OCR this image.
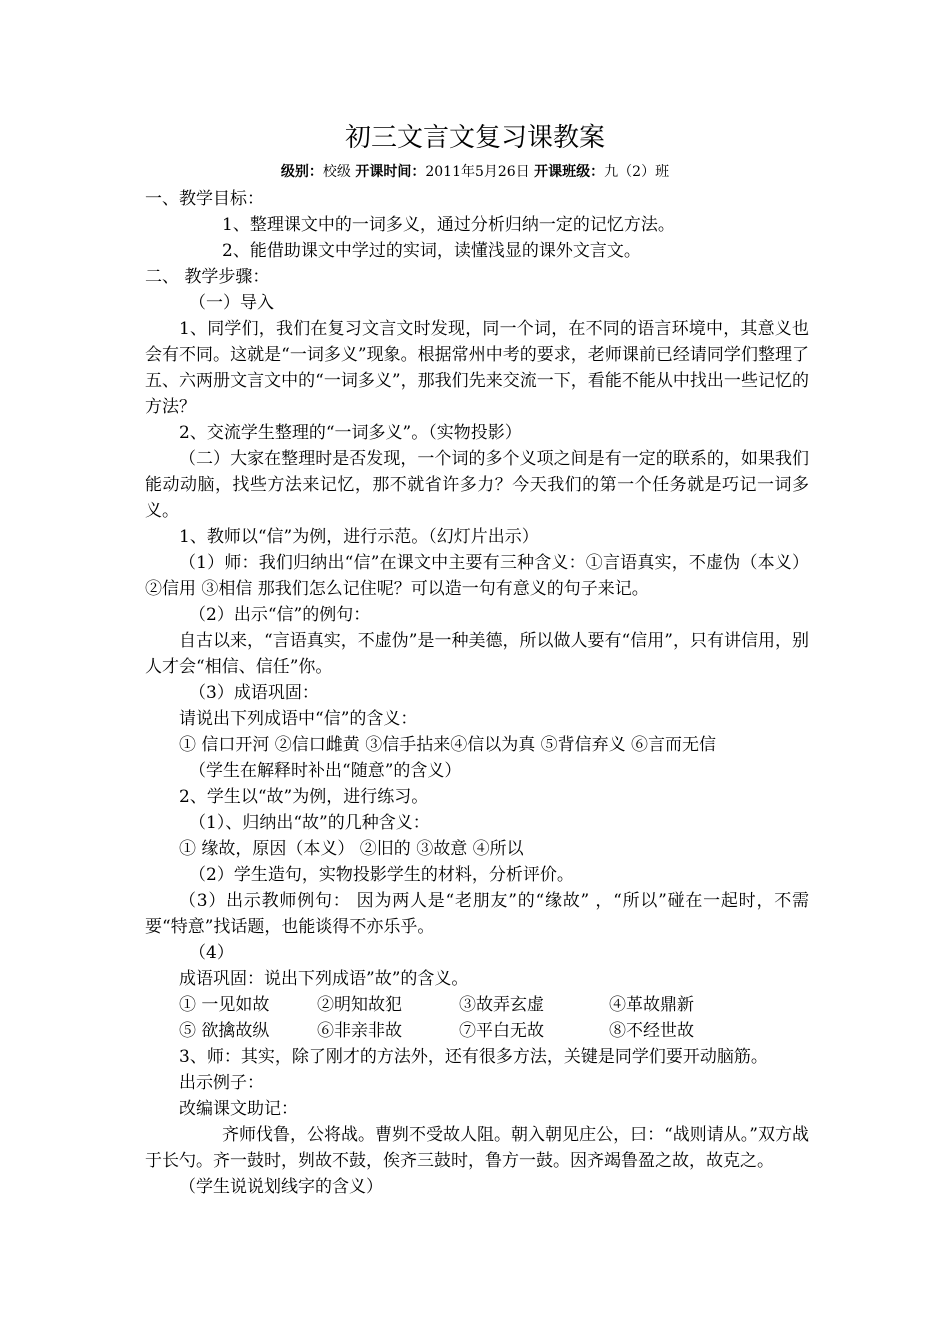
初三文言文复习课教案
级别：校级 开课时间：2011年5月26日 开课班级：九（2）班

一、教学目标：

1、整理课文中的一词多义，通过分析归纳一定的记忆方法。

2、能借助课文中学过的实词，读懂浅显的课外文言文。

二、 教学步骤：

（一）导入

1、同学们，我们在复习文言文时发现，同一个词，在不同的语言环境中，其意义也会有不同。这就是“一词多义”现象。根据常州中考的要求，老师课前已经请同学们整理了五、六两册文言文中的“一词多义”，那我们先来交流一下，看能不能从中找出一些记忆的方法？

2、交流学生整理的“一词多义”。（实物投影）

（二）大家在整理时是否发现，一个词的多个义项之间是有一定的联系的，如果我们能动动脑，找些方法来记忆，那不就省许多力？今天我们的第一个任务就是巧记一词多义。

1、教师以“信”为例，进行示范。（幻灯片出示）

（1）师：我们归纳出“信”在课文中主要有三种含义：①言语真实，不虚伪（本义）②信用 ③相信 那我们怎么记住呢？可以造一句有意义的句子来记。

（2）出示“信”的例句：

自古以来，“言语真实，不虚伪”是一种美德，所以做人要有“信用”，只有讲信用，别人才会“相信、信任”你。

（3）成语巩固：

请说出下列成语中“信”的含义：

① 信口开河 ②信口雌黄 ③信手拈来④信以为真 ⑤背信弃义 ⑥言而无信

（学生在解释时补出“随意”的含义）

2、学生以“故”为例，进行练习。

（1）、归纳出“故”的几种含义：

① 缘故，原因（本义） ②旧的 ③故意 ④所以

（2）学生造句，实物投影学生的材料，分析评价。

（3）出示教师例句： 因为两人是“老朋友”的“缘故” ，“所以”碰在一起时，不需要“特意”找话题，也能谈得不亦乐乎。

（4）

成语巩固：说出下列成语”故”的含义。

① 一见如故	②明知故犯	③故弄玄虚	④革故鼎新
⑤ 欲擒故纵	⑥非亲非故	⑦平白无故	⑧不经世故

3、师：其实，除了刚才的方法外，还有很多方法，关键是同学们要开动脑筋。

出示例子：

改编课文助记：

齐师伐鲁，公将战。曹刿不受故人阻。朝入朝见庄公，曰：“战则请从。”双方战于长勺。齐一鼓时，刿故不鼓，俟齐三鼓时，鲁方一鼓。因齐竭鲁盈之故，故克之。

（学生说说划线字的含义）
